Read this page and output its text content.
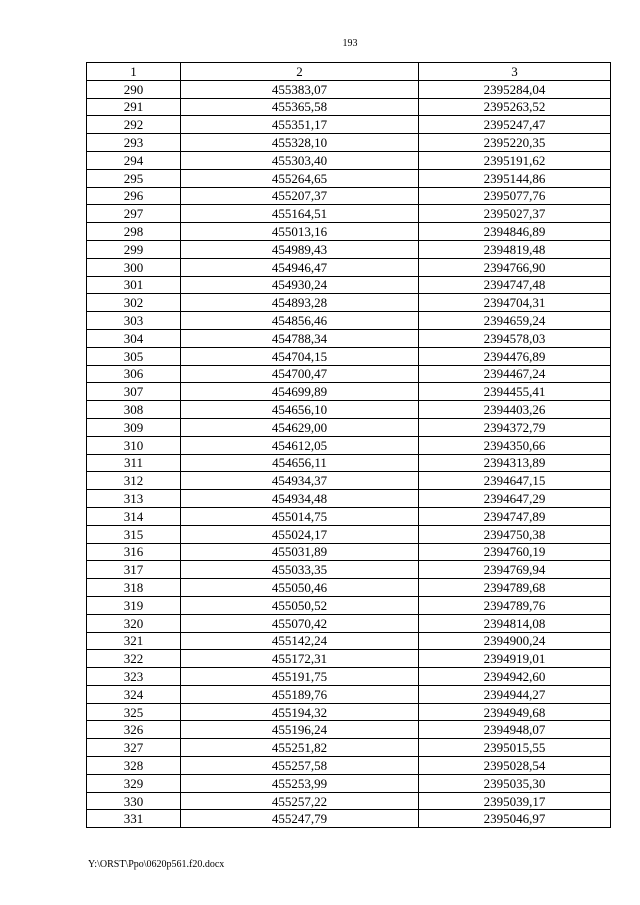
193
1	2	3
290	455383,07	2395284,04
291	455365,58	2395263,52
292	455351,17	2395247,47
293	455328,10	2395220,35
294	455303,40	2395191,62
295	455264,65	2395144,86
296	455207,37	2395077,76
297	455164,51	2395027,37
298	455013,16	2394846,89
299	454989,43	2394819,48
300	454946,47	2394766,90
301	454930,24	2394747,48
302	454893,28	2394704,31
303	454856,46	2394659,24
304	454788,34	2394578,03
305	454704,15	2394476,89
306	454700,47	2394467,24
307	454699,89	2394455,41
308	454656,10	2394403,26
309	454629,00	2394372,79
310	454612,05	2394350,66
311	454656,11	2394313,89
312	454934,37	2394647,15
313	454934,48	2394647,29
314	455014,75	2394747,89
315	455024,17	2394750,38
316	455031,89	2394760,19
317	455033,35	2394769,94
318	455050,46	2394789,68
319	455050,52	2394789,76
320	455070,42	2394814,08
321	455142,24	2394900,24
322	455172,31	2394919,01
323	455191,75	2394942,60
324	455189,76	2394944,27
325	455194,32	2394949,68
326	455196,24	2394948,07
327	455251,82	2395015,55
328	455257,58	2395028,54
329	455253,99	2395035,30
330	455257,22	2395039,17
331	455247,79	2395046,97
Y:\ORST\Ppo\0620p561.f20.docx
